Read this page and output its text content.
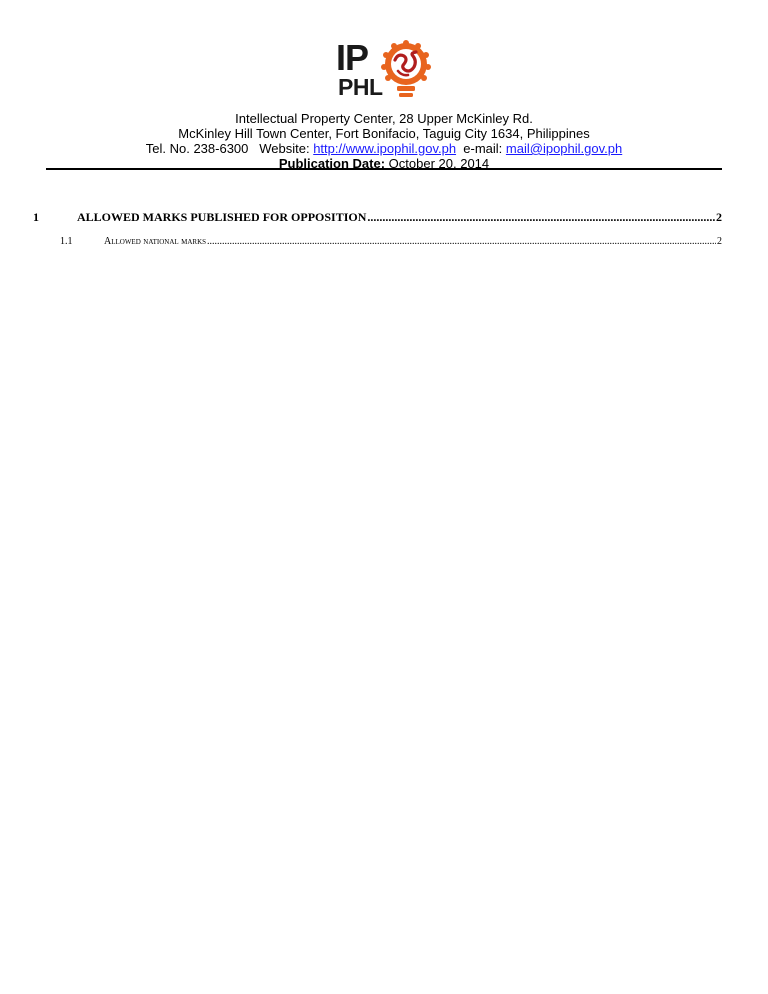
IP
PHL
Intellectual Property Center, 28 Upper McKinley Rd.
McKinley Hill Town Center, Fort Bonifacio, Taguig City 1634, Philippines
Tel. No. 238-6300 Website: http://www.ipophil.gov.ph e-mail: mail@ipophil.gov.ph
Publication Date: October 20, 2014
1	ALLOWED MARKS PUBLISHED FOR OPPOSITION .....	2
1.1	Allowed national marks .....	2
